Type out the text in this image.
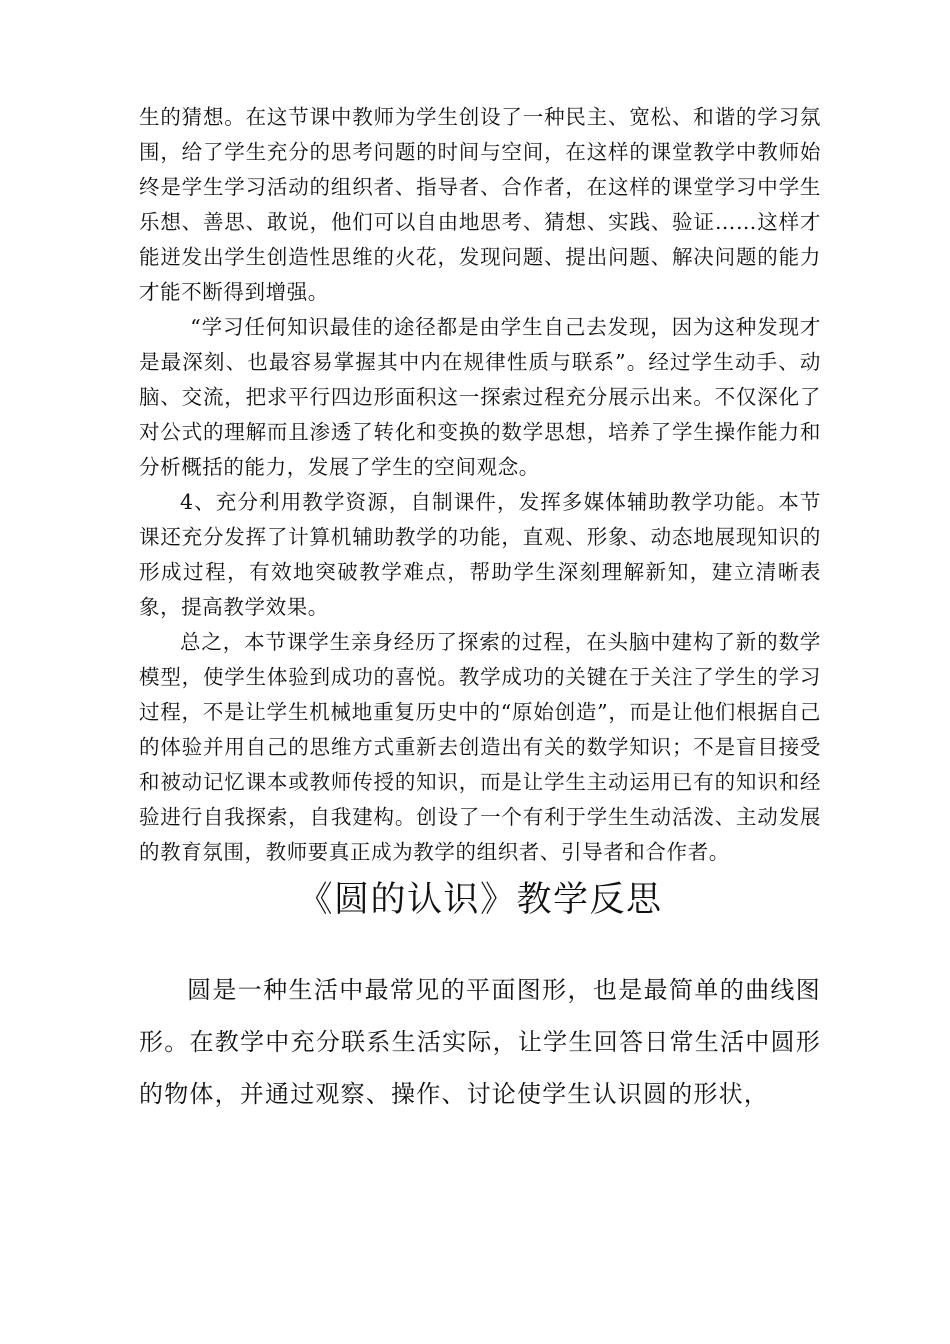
生的猜想。在这节课中教师为学生创设了一种民主、宽松、和谐的学习氛围，给了学生充分的思考问题的时间与空间，在这样的课堂教学中教师始终是学生学习活动的组织者、指导者、合作者，在这样的课堂学习中学生乐想、善思、敢说，他们可以自由地思考、猜想、实践、验证……这样才能迸发出学生创造性思维的火花，发现问题、提出问题、解决问题的能力才能不断得到增强。

“学习任何知识最佳的途径都是由学生自己去发现，因为这种发现才是最深刻、也最容易掌握其中内在规律性质与联系”。经过学生动手、动脑、交流，把求平行四边形面积这一探索过程充分展示出来。不仅深化了对公式的理解而且渗透了转化和变换的数学思想，培养了学生操作能力和分析概括的能力，发展了学生的空间观念。

4、充分利用教学资源，自制课件，发挥多媒体辅助教学功能。本节课还充分发挥了计算机辅助教学的功能，直观、形象、动态地展现知识的形成过程，有效地突破教学难点，帮助学生深刻理解新知，建立清晰表象，提高教学效果。

总之，本节课学生亲身经历了探索的过程，在头脑中建构了新的数学模型，使学生体验到成功的喜悦。教学成功的关键在于关注了学生的学习过程，不是让学生机械地重复历史中的“原始创造”，而是让他们根据自己的体验并用自己的思维方式重新去创造出有关的数学知识；不是盲目接受和被动记忆课本或教师传授的知识，而是让学生主动运用已有的知识和经验进行自我探索，自我建构。创设了一个有利于学生生动活泼、主动发展的教育氛围，教师要真正成为教学的组织者、引导者和合作者。

《圆的认识》教学反思

圆是一种生活中最常见的平面图形，也是最简单的曲线图形。在教学中充分联系生活实际，让学生回答日常生活中圆形的物体，并通过观察、操作、讨论使学生认识圆的形状，
